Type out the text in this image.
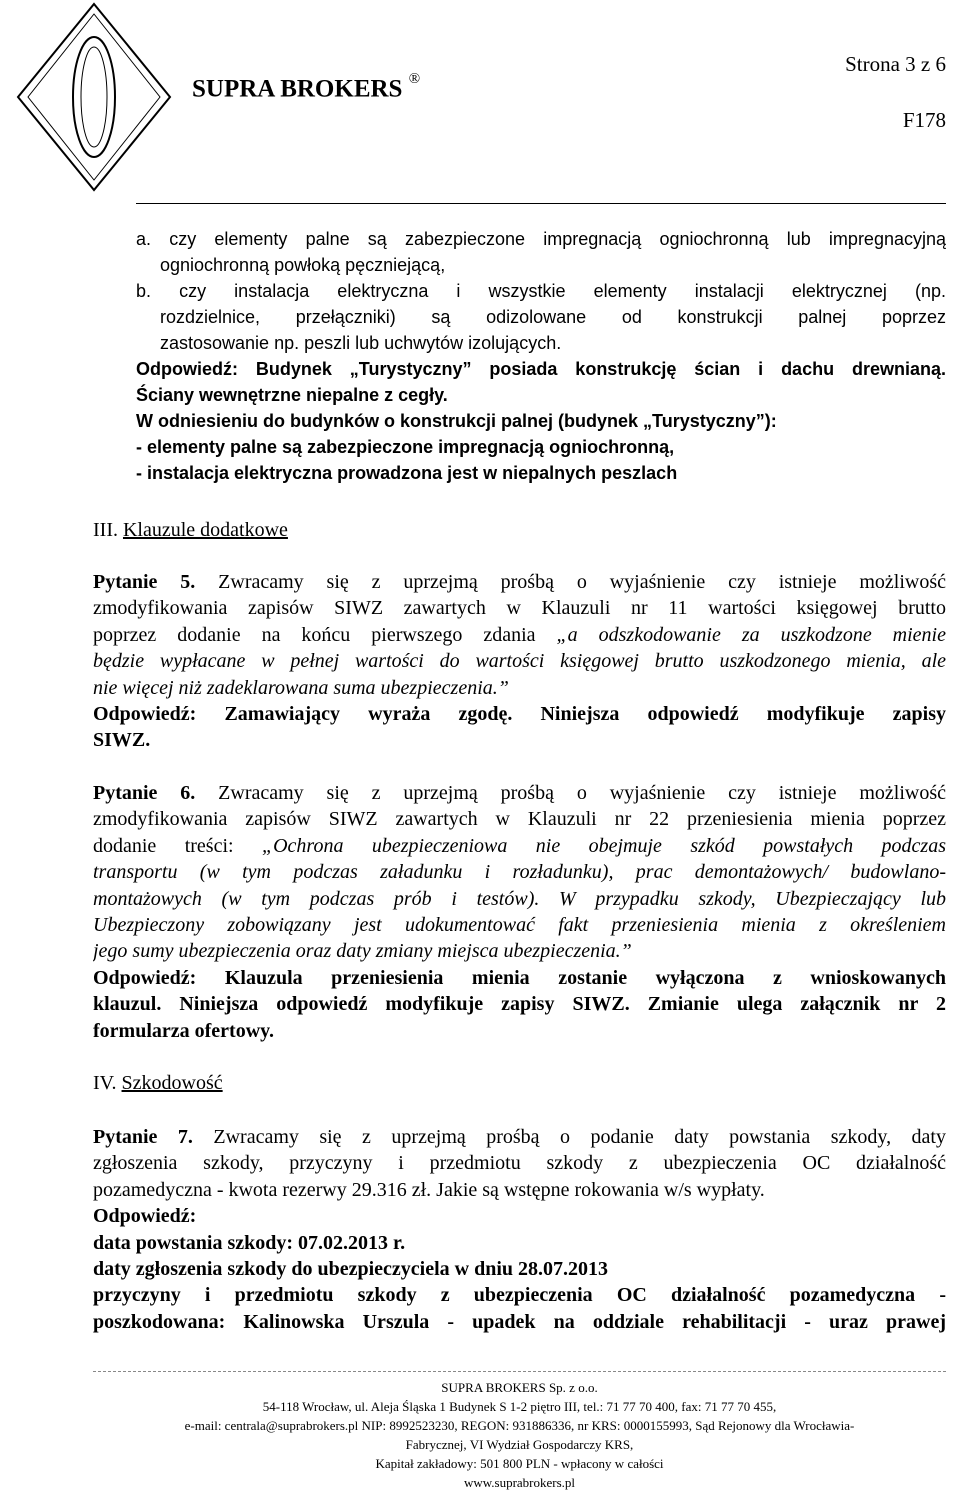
SUPRA BROKERS ®
Strona 3 z 6
F178
a. czy elementy palne są zabezpieczone impregnacją ogniochronną lub impregnacyjną
ogniochronną powłoką pęczniejącą,
b. czy instalacja elektryczna i wszystkie elementy instalacji elektrycznej (np.
rozdzielnice, przełączniki) są odizolowane od konstrukcji palnej poprzez
zastosowanie np. peszli lub uchwytów izolujących.
Odpowiedź: Budynek „Turystyczny” posiada konstrukcję ścian i dachu drewnianą.
Ściany wewnętrzne niepalne z cegły.
W odniesieniu do budynków o konstrukcji palnej (budynek „Turystyczny”):
- elementy palne są zabezpieczone impregnacją ogniochronną,
- instalacja elektryczna prowadzona jest w niepalnych peszlach
III. Klauzule dodatkowe
Pytanie 5. Zwracamy się z uprzejmą prośbą o wyjaśnienie czy istnieje możliwość
zmodyfikowania zapisów SIWZ zawartych w Klauzuli nr 11 wartości księgowej brutto
poprzez dodanie na końcu pierwszego zdania „a odszkodowanie za uszkodzone mienie
będzie wypłacane w pełnej wartości do wartości księgowej brutto uszkodzonego mienia, ale
nie więcej niż zadeklarowana suma ubezpieczenia.”
Odpowiedź: Zamawiający wyraża zgodę. Niniejsza odpowiedź modyfikuje zapisy
SIWZ.
Pytanie 6. Zwracamy się z uprzejmą prośbą o wyjaśnienie czy istnieje możliwość
zmodyfikowania zapisów SIWZ zawartych w Klauzuli nr 22 przeniesienia mienia poprzez
dodanie treści: „Ochrona ubezpieczeniowa nie obejmuje szkód powstałych podczas
transportu (w tym podczas załadunku i rozładunku), prac demontażowych/ budowlano-
montażowych (w tym podczas prób i testów). W przypadku szkody, Ubezpieczający lub
Ubezpieczony zobowiązany jest udokumentować fakt przeniesienia mienia z określeniem
jego sumy ubezpieczenia oraz daty zmiany miejsca ubezpieczenia.”
Odpowiedź: Klauzula przeniesienia mienia zostanie wyłączona z wnioskowanych
klauzul. Niniejsza odpowiedź modyfikuje zapisy SIWZ. Zmianie ulega załącznik nr 2
formularza ofertowy.
IV. Szkodowość
Pytanie 7. Zwracamy się z uprzejmą prośbą o podanie daty powstania szkody, daty
zgłoszenia szkody, przyczyny i przedmiotu szkody z ubezpieczenia OC działalność
pozamedyczna - kwota rezerwy 29.316 zł. Jakie są wstępne rokowania w/s wypłaty.
Odpowiedź:
data powstania szkody: 07.02.2013 r.
daty zgłoszenia szkody do ubezpieczyciela w dniu 28.07.2013
przyczyny i przedmiotu szkody z ubezpieczenia OC działalność pozamedyczna -
poszkodowana: Kalinowska Urszula - upadek na oddziale rehabilitacji - uraz prawej
SUPRA BROKERS Sp. z o.o.
54-118 Wrocław, ul. Aleja Śląska 1 Budynek S 1-2 piętro III, tel.: 71 77 70 400, fax: 71 77 70 455,
e-mail: centrala@suprabrokers.pl NIP: 8992523230, REGON: 931886336, nr KRS: 0000155993, Sąd Rejonowy dla Wrocławia-
Fabrycznej, VI Wydział Gospodarczy KRS,
Kapitał zakładowy: 501 800 PLN - wpłacony w całości
www.suprabrokers.pl
